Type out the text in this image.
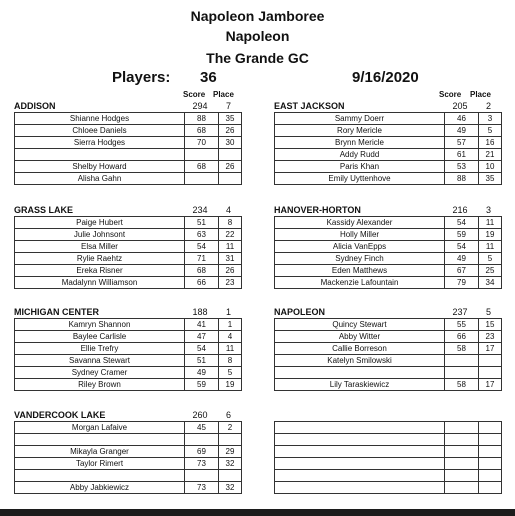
Napoleon Jamboree
Napoleon
The Grande GC
Players: 36	9/16/2020
Score Place	Score Place
ADDISON	294	7
Shianne Hodges	88	35
Chloee Daniels	68	26
Sierra Hodges	70	30

Shelby Howard	68	26
Alisha Gahn		
EAST JACKSON	205	2
Sammy Doerr	46	3
Rory Mericle	49	5
Brynn Mericle	57	16
Addy Rudd	61	21
Paris Khan	53	10
Emily Uyttenhove	88	35
GRASS LAKE	234	4
Paige Hubert	51	8
Julie Johnsont	63	22
Elsa Miller	54	11
Rylie Raehtz	71	31
Ereka Risner	68	26
Madalynn Williamson	66	23
HANOVER-HORTON	216	3
Kassidy Alexander	54	11
Holly Miller	59	19
Alicia VanEpps	54	11
Sydney Finch	49	5
Eden Matthews	67	25
Mackenzie Lafountain	79	34
MICHIGAN CENTER	188	1
Kamryn Shannon	41	1
Baylee Carlisle	47	4
Ellie Trefry	54	11
Savanna Stewart	51	8
Sydney Cramer	49	5
Riley Brown	59	19
NAPOLEON	237	5
Quincy Stewart	55	15
Abby Witter	66	23
Callie Borreson	58	17
Katelyn Smilowski		

Lily Taraskiewicz	58	17
VANDERCOOK LAKE	260	6
Morgan Lafaive	45	2

Mikayla Granger	69	29
Taylor Rimert	73	32

Abby Jabkiewicz	73	32
